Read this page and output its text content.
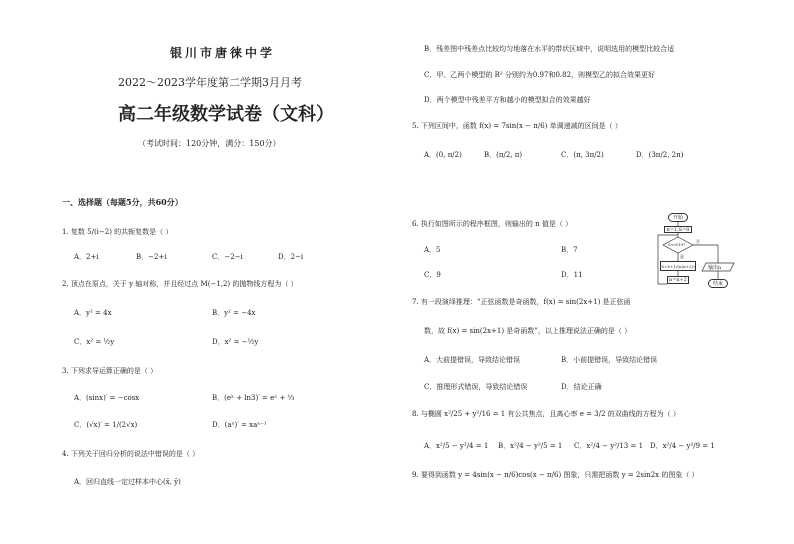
银川市唐徕中学
2022～2023学年度第二学期3月月考
高二年级数学试卷（文科）
（考试时间：120分钟，满分：150分）
一、选择题（每题5分，共60分）
1. 复数 5/(i−2) 的共轭复数是（ ）
A．2+i	B．−2+i	C．−2−i	D．2−i
2. 顶点在原点，关于 y 轴对称，并且经过点 M(−1,2) 的抛物线方程为（ ）
A．y² = 4x	B．y² = −4x
C．x² = ½y	D．x² = −½y
3. 下列求导运算正确的是（ ）
A．(sinx)′ = −cosx	B．(eˣ + ln3)′ = eˣ + ⅓
C．(√x)′ = 1/(2√x)	D．(aˣ)′ = xaˣ⁻¹
4. 下列关于回归分析的说法中错误的是（ ）
A．回归直线一定过样本中心(x̄, ȳ)
B．残差图中残差点比较均匀地落在水平的带状区域中，说明选用的模型比较合适
C．甲、乙两个模型的 R² 分别约为0.97和0.82，则模型乙的拟合效果更好
D．两个模型中残差平方和越小的模型拟合的效果越好
5. 下列区间中，函数 f(x) = 7sin(x − π/6) 单调递减的区间是（ ）
A．(0, π/2)	B．(π/2, π)	C．(π, 3π/2)	D．(3π/2, 2π)
6. 执行如图所示的程序框图，则输出的 n 值是（ ）
A．5	B．7
C．9	D．11
开始
n=1,S=0
S<9/19?
否
是
S=S+1/(n(n+2))
n=n+2
输出n
结束
7. 有一段演绎推理：“正弦函数是奇函数，f(x) = sin(2x+1) 是正弦函
数，故 f(x) = sin(2x+1) 是奇函数”，以上推理说法正确的是（ ）
A．大前提错误，导致结论错误	B．小前提错误，导致结论错误
C．推理形式错误，导致结论错误	D．结论正确
8. 与椭圆 x²/25 + y²/16 = 1 有公共焦点，且离心率 e = 3/2 的双曲线的方程为（ ）
A．x²/5 − y²/4 = 1 B．x²/4 − y²/5 = 1 C．x²/4 − y²/13 = 1 D．x²/4 − y²/9 = 1
9. 要得到函数 y = 4sin(x − π/6)cos(x − π/6) 图象，只需把函数 y = 2sin2x 的图象（ ）
